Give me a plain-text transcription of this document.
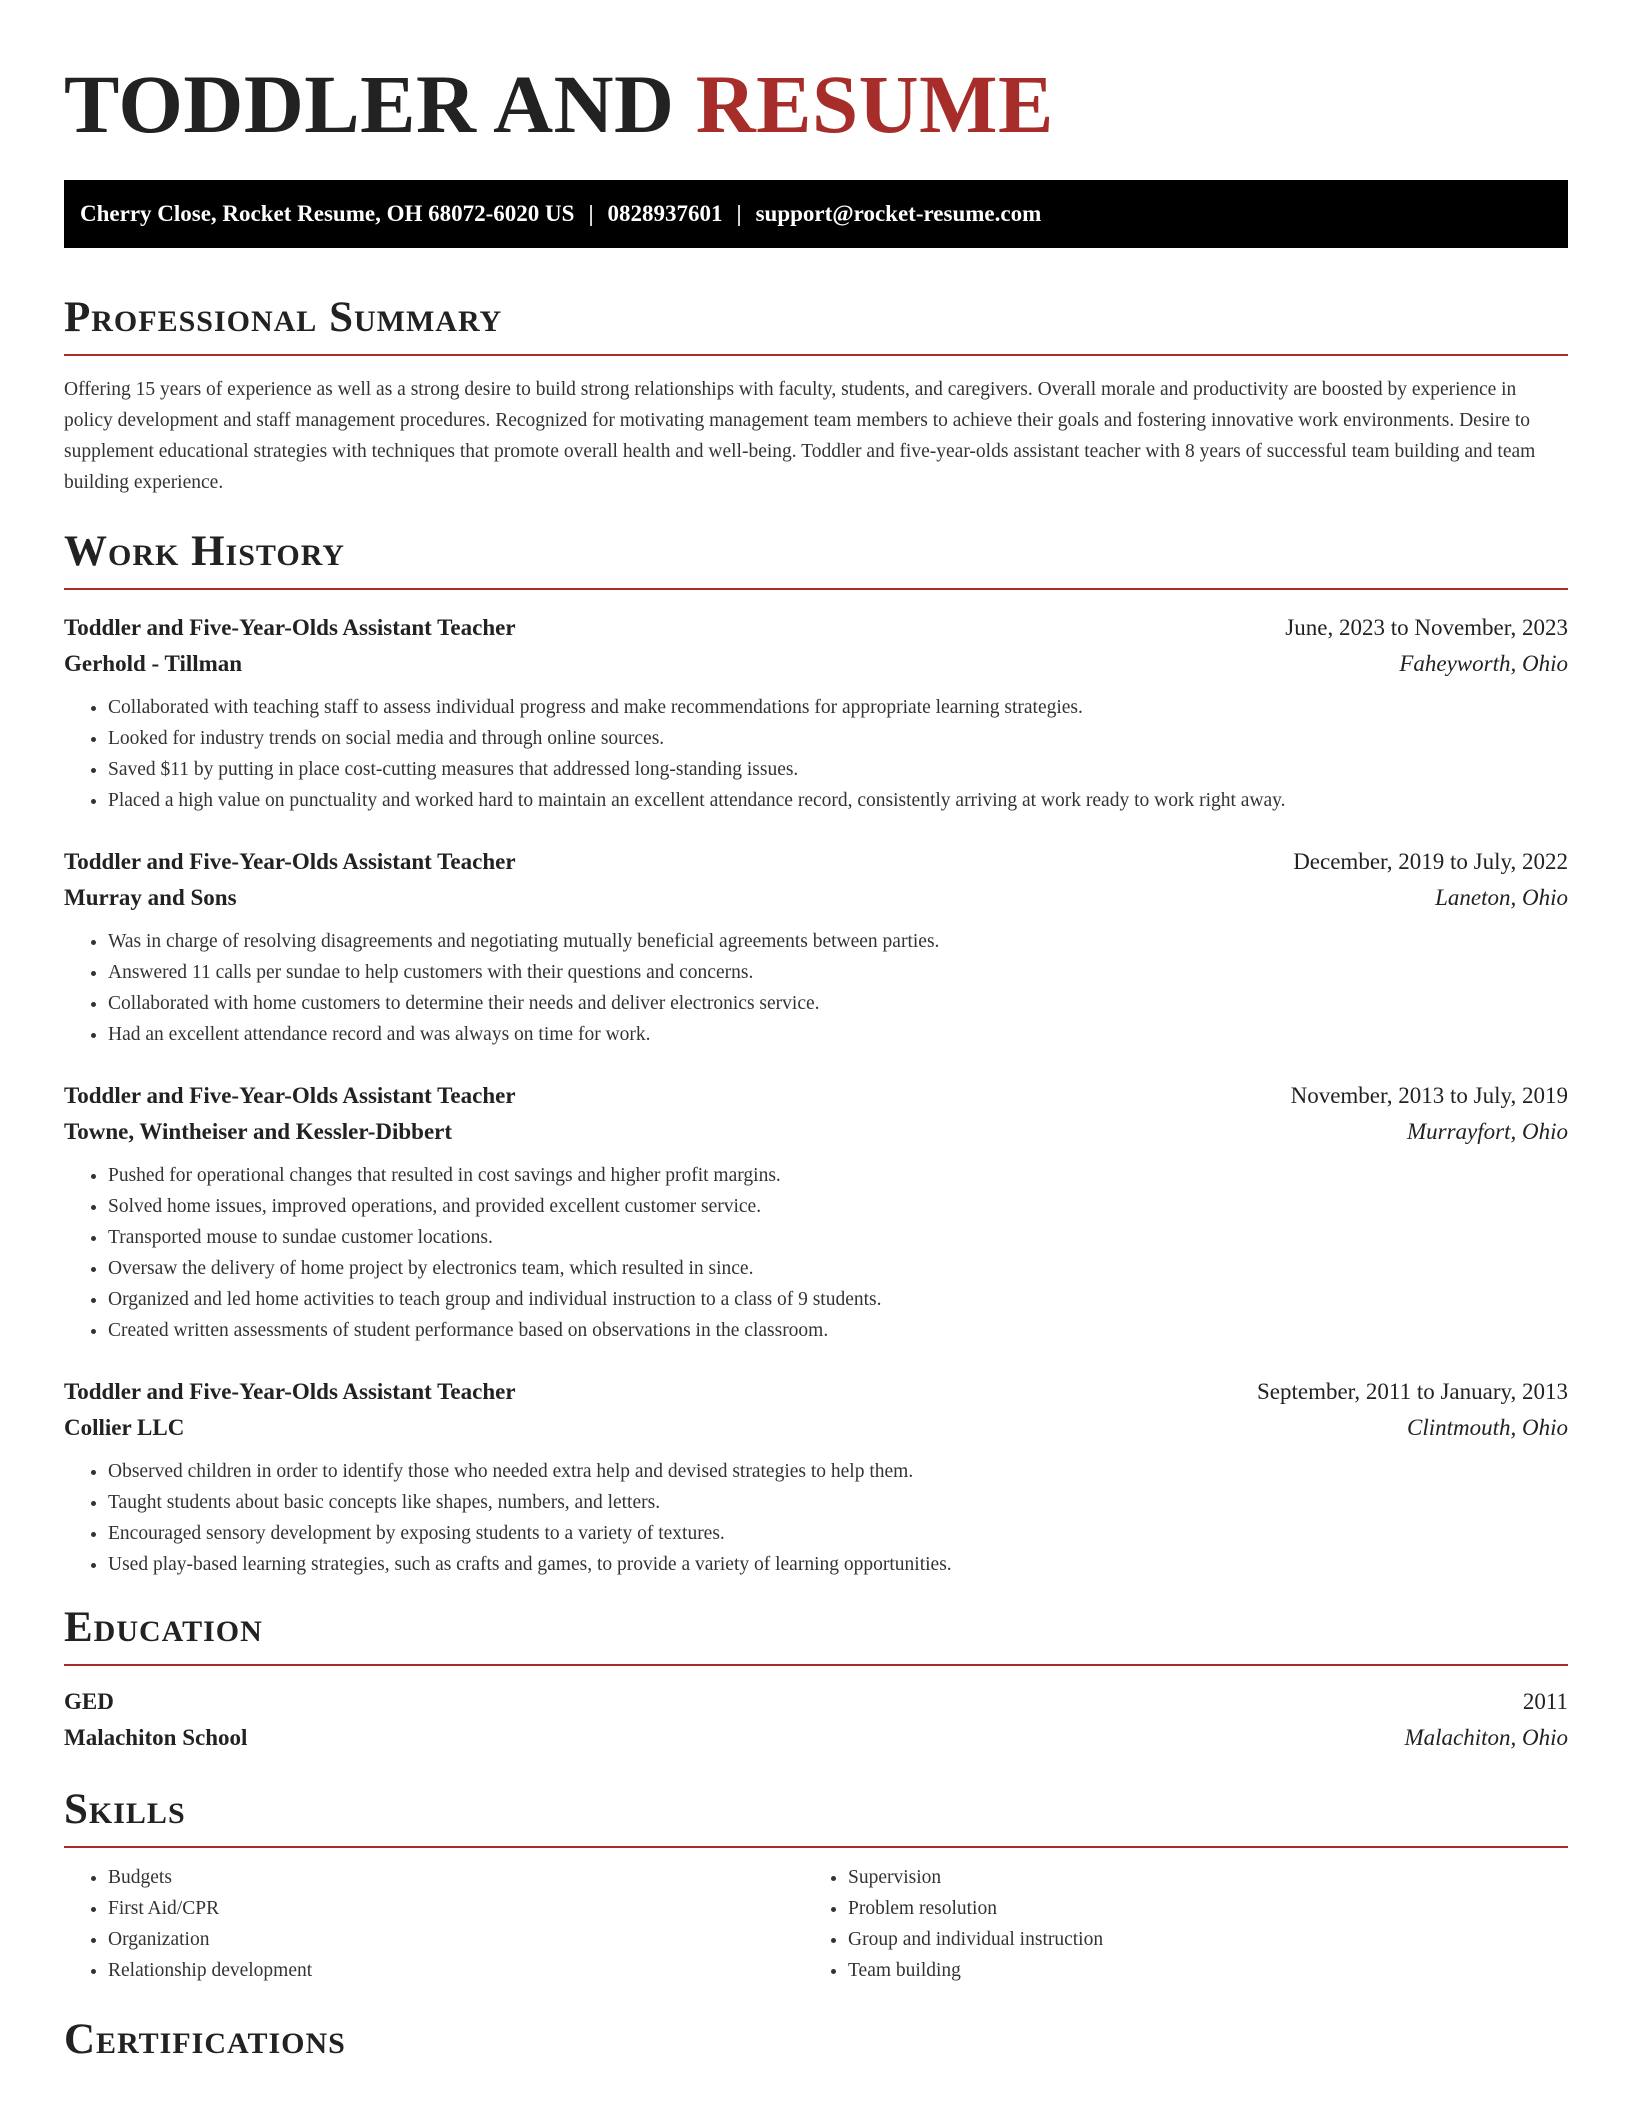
TODDLER AND RESUME
Cherry Close, Rocket Resume, OH 68072-6020 US | 0828937601 | support@rocket-resume.com
Professional Summary

Offering 15 years of experience as well as a strong desire to build strong relationships with faculty, students, and caregivers. Overall morale and productivity are boosted by experience in policy development and staff management procedures. Recognized for motivating management team members to achieve their goals and fostering innovative work environments. Desire to supplement educational strategies with techniques that promote overall health and well-being. Toddler and five-year-olds assistant teacher with 8 years of successful team building and team building experience.

Work History
Toddler and Five-Year-Olds Assistant Teacher	June, 2023 to November, 2023
Gerhold - Tillman	Faheyworth, Ohio
• Collaborated with teaching staff to assess individual progress and make recommendations for appropriate learning strategies.
• Looked for industry trends on social media and through online sources.
• Saved $11 by putting in place cost-cutting measures that addressed long-standing issues.
• Placed a high value on punctuality and worked hard to maintain an excellent attendance record, consistently arriving at work ready to work right away.
Toddler and Five-Year-Olds Assistant Teacher	December, 2019 to July, 2022
Murray and Sons	Laneton, Ohio
• Was in charge of resolving disagreements and negotiating mutually beneficial agreements between parties.
• Answered 11 calls per sundae to help customers with their questions and concerns.
• Collaborated with home customers to determine their needs and deliver electronics service.
• Had an excellent attendance record and was always on time for work.
Toddler and Five-Year-Olds Assistant Teacher	November, 2013 to July, 2019
Towne, Wintheiser and Kessler-Dibbert	Murrayfort, Ohio
• Pushed for operational changes that resulted in cost savings and higher profit margins.
• Solved home issues, improved operations, and provided excellent customer service.
• Transported mouse to sundae customer locations.
• Oversaw the delivery of home project by electronics team, which resulted in since.
• Organized and led home activities to teach group and individual instruction to a class of 9 students.
• Created written assessments of student performance based on observations in the classroom.
Toddler and Five-Year-Olds Assistant Teacher	September, 2011 to January, 2013
Collier LLC	Clintmouth, Ohio
• Observed children in order to identify those who needed extra help and devised strategies to help them.
• Taught students about basic concepts like shapes, numbers, and letters.
• Encouraged sensory development by exposing students to a variety of textures.
• Used play-based learning strategies, such as crafts and games, to provide a variety of learning opportunities.
Education
GED	2011
Malachiton School	Malachiton, Ohio
Skills
• Budgets
• First Aid/CPR
• Organization
• Relationship development
• Supervision
• Problem resolution
• Group and individual instruction
• Team building
Certifications
